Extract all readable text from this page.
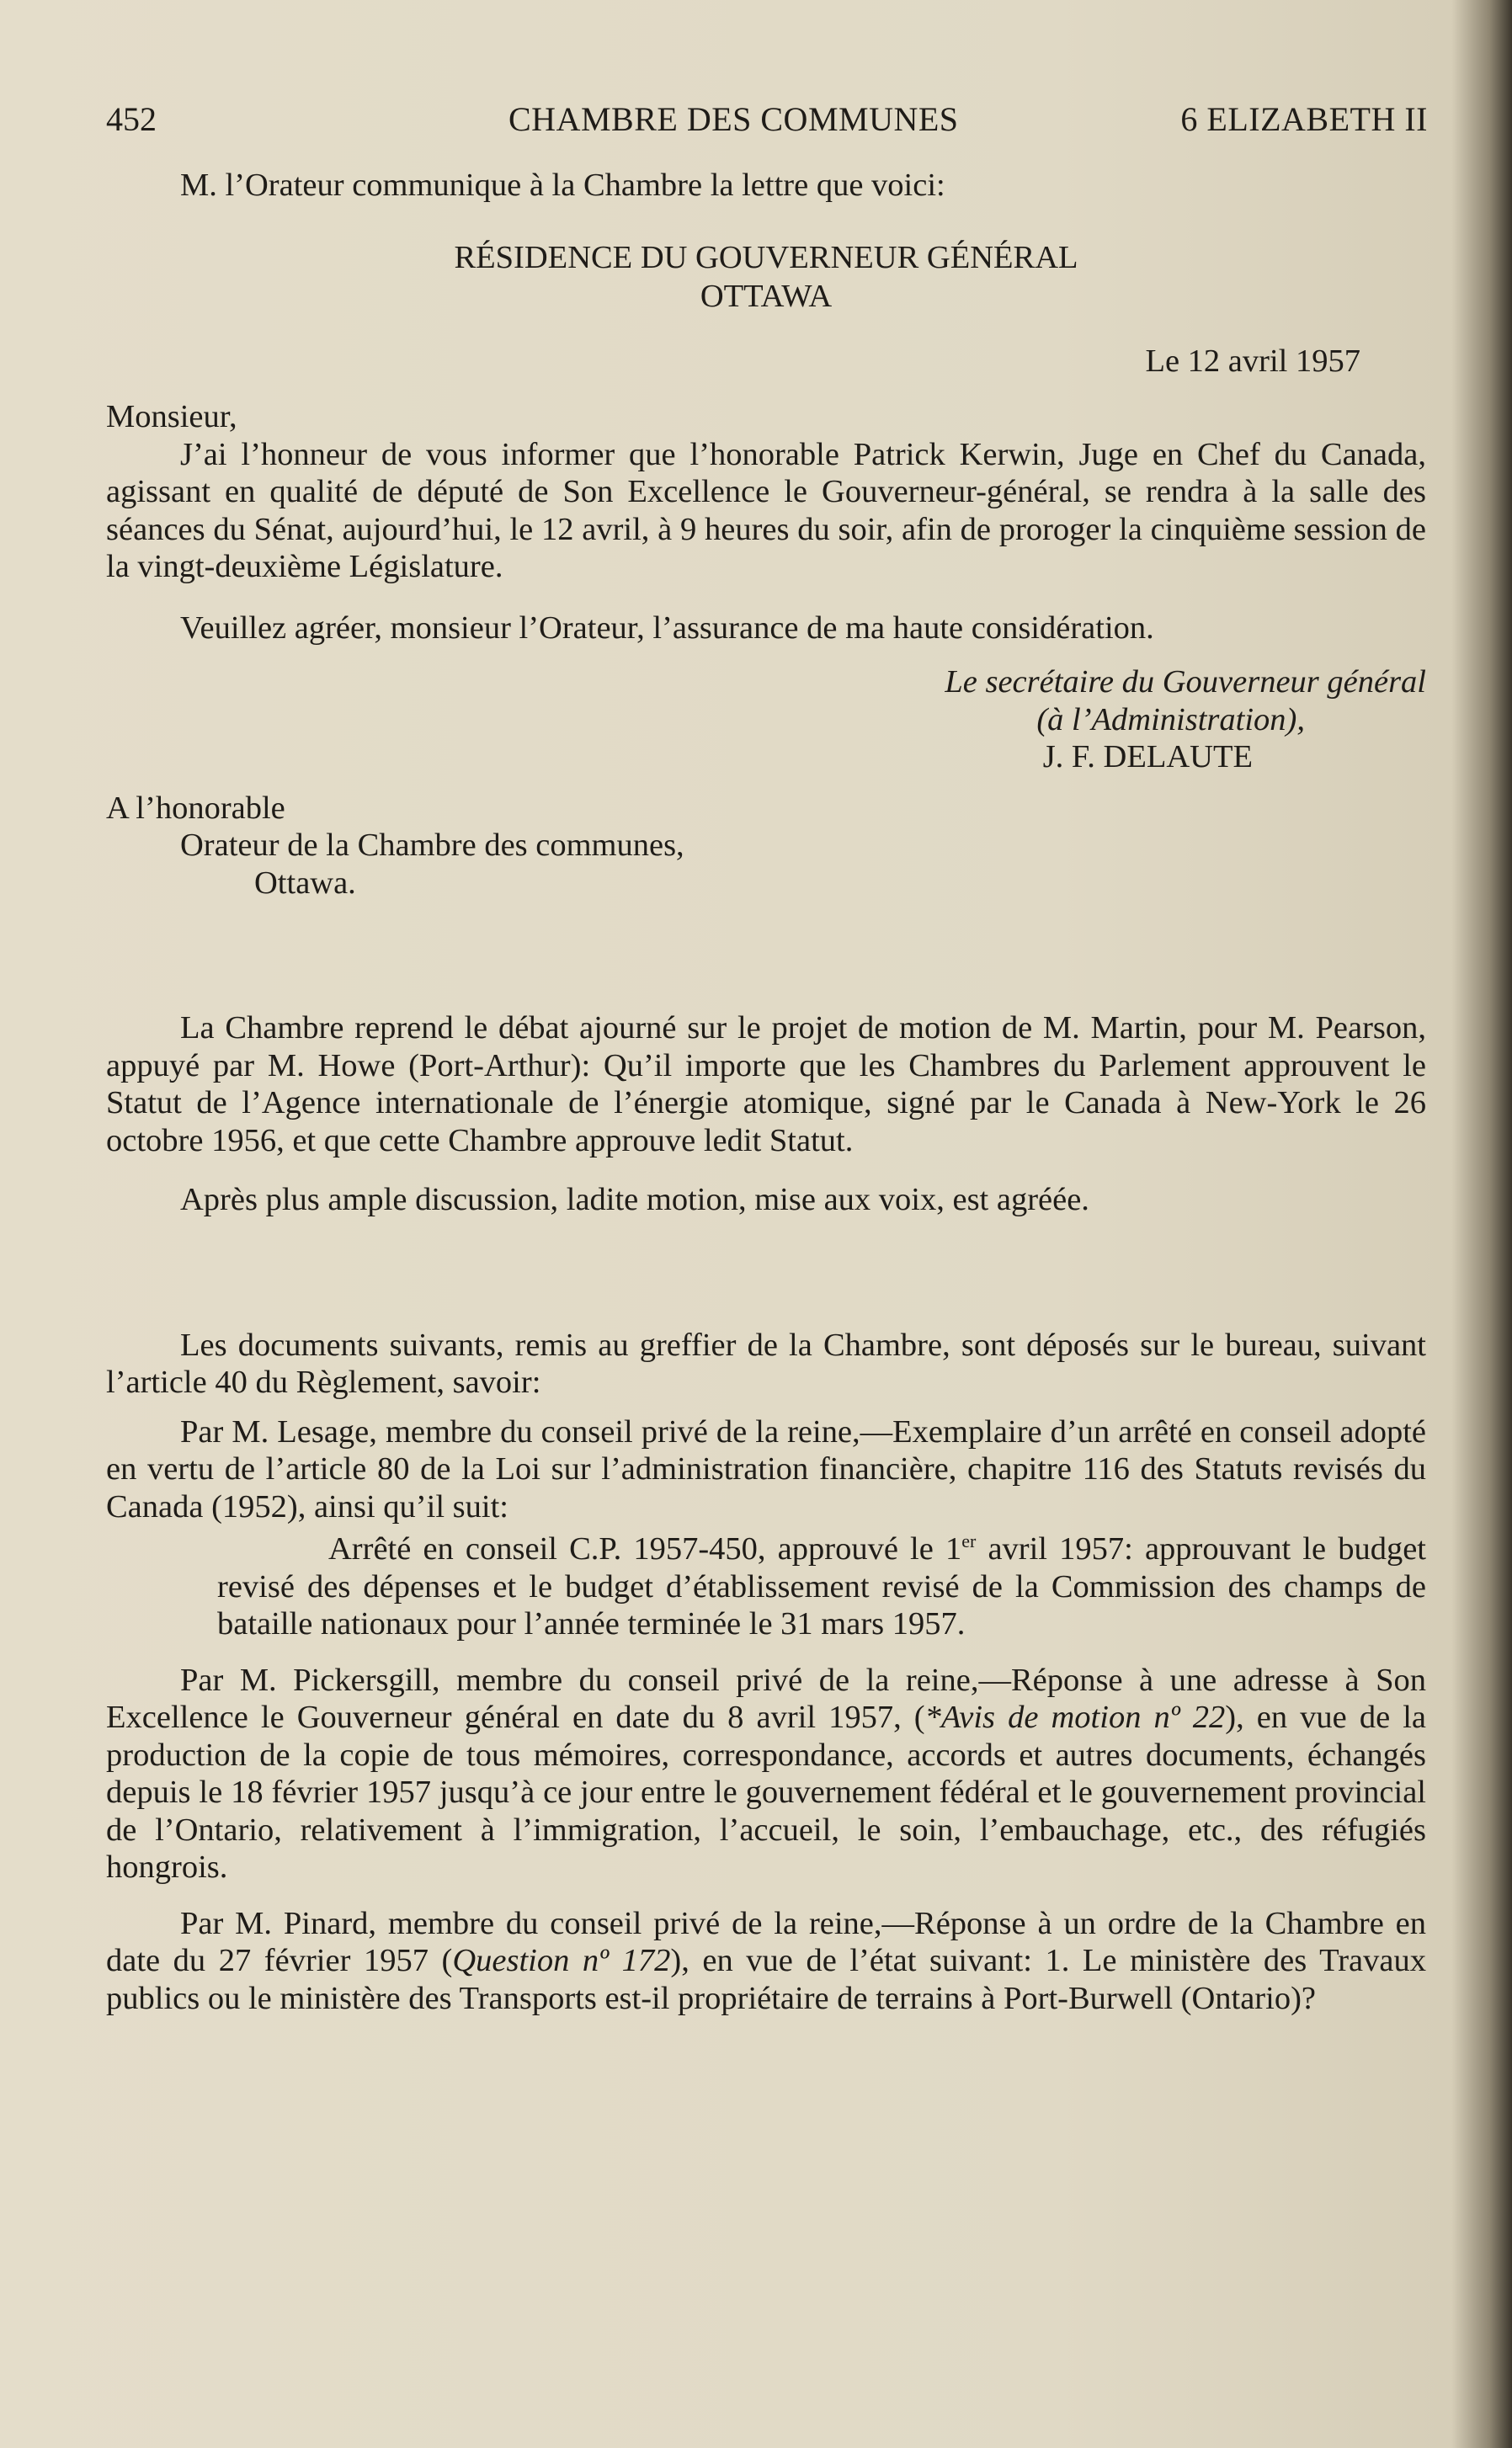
452	CHAMBRE DES COMMUNES	6 ELIZABETH II

M. l’Orateur communique à la Chambre la lettre que voici:

RÉSIDENCE DU GOUVERNEUR GÉNÉRAL

OTTAWA

Le 12 avril 1957

Monsieur,

J’ai l’honneur de vous informer que l’honorable Patrick Kerwin, Juge en Chef du Canada, agissant en qualité de député de Son Excellence le Gouverneur-général, se rendra à la salle des séances du Sénat, aujourd’hui, le 12 avril, à 9 heures du soir, afin de proroger la cinquième session de la vingt-deuxième Législature.

Veuillez agréer, monsieur l’Orateur, l’assurance de ma haute considération.

Le secrétaire du Gouverneur général

(à l’Administration),

J. F. DELAUTE

A l’honorable

Orateur de la Chambre des communes,

Ottawa.

La Chambre reprend le débat ajourné sur le projet de motion de M. Martin, pour M. Pearson, appuyé par M. Howe (Port-Arthur): Qu’il importe que les Chambres du Parlement approuvent le Statut de l’Agence internationale de l’énergie atomique, signé par le Canada à New-York le 26 octobre 1956, et que cette Chambre approuve ledit Statut.

Après plus ample discussion, ladite motion, mise aux voix, est agréée.

Les documents suivants, remis au greffier de la Chambre, sont déposés sur le bureau, suivant l’article 40 du Règlement, savoir:

Par M. Lesage, membre du conseil privé de la reine,—Exemplaire d’un arrêté en conseil adopté en vertu de l’article 80 de la Loi sur l’administration financière, chapitre 116 des Statuts revisés du Canada (1952), ainsi qu’il suit:

Arrêté en conseil C.P. 1957-450, approuvé le 1er avril 1957: approuvant le budget revisé des dépenses et le budget d’établissement revisé de la Commission des champs de bataille nationaux pour l’année terminée le 31 mars 1957.

Par M. Pickersgill, membre du conseil privé de la reine,—Réponse à une adresse à Son Excellence le Gouverneur général en date du 8 avril 1957, (*Avis de motion nº 22), en vue de la production de la copie de tous mémoires, correspondance, accords et autres documents, échangés depuis le 18 février 1957 jusqu’à ce jour entre le gouvernement fédéral et le gouvernement provincial de l’Ontario, relativement à l’immigration, l’accueil, le soin, l’embauchage, etc., des réfugiés hongrois.

Par M. Pinard, membre du conseil privé de la reine,—Réponse à un ordre de la Chambre en date du 27 février 1957 (Question nº 172), en vue de l’état suivant: 1. Le ministère des Travaux publics ou le ministère des Transports est-il propriétaire de terrains à Port-Burwell (Ontario)?
